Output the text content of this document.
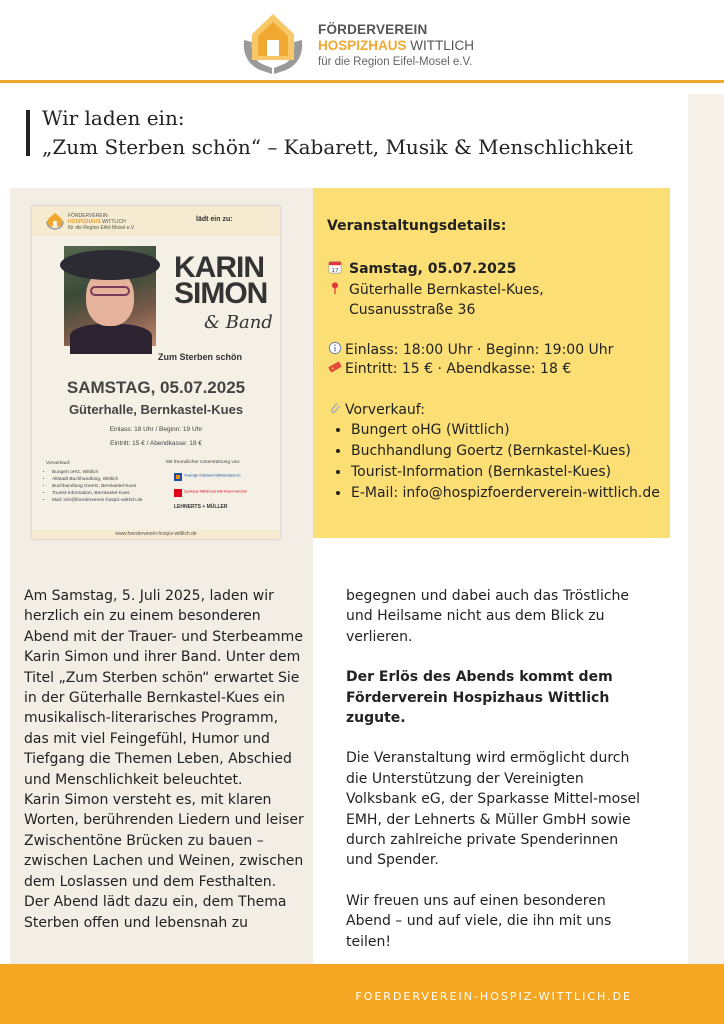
FÖRDERVEREIN
HOSPIZHAUS WITTLICH
für die Region Eifel-Mosel e.V.
Wir laden ein:
„Zum Sterben schön“ – Kabarett, Musik & Menschlichkeit
FÖRDERVEREIN
HOSPIZHAUS WITTLICH
für die Region Eifel-Mosel e.V.
lädt ein zu:
KARIN
SIMON
& Band
Zum Sterben schön
SAMSTAG, 05.07.2025
Güterhalle, Bernkastel-Kues
Einlass: 18 Uhr / Beginn: 19 Uhr
Eintritt: 15 € / Abendkasse: 18 €
Vorverkauf:
• Bungert oHG, Wittlich
• Altstadt Buchhandlung, Wittlich
• Buchhandlung Goertz, Bernkastel-Kues
• Tourist-Information, Bernkastel-Kues
• Mail: info@foerderverein-hospiz-wittlich.de
Mit freundlicher Unterstützung von:
Vereinigte Volksbank Raiffeisenbank eG
Sparkasse Mittelmosel Eifel Mosel Hunsrück
LEHNERTS + MÜLLER
www.foerderverein-hospiz-wittlich.de
Veranstaltungsdetails:
17 Samstag, 05.07.2025
Güterhalle Bernkastel-Kues,
Cusanusstraße 36
Einlass: 18:00 Uhr · Beginn: 19:00 Uhr
Eintritt: 15 € · Abendkasse: 18 €
Vorverkauf:
• Bungert oHG (Wittlich)
• Buchhandlung Goertz (Bernkastel-Kues)
• Tourist-Information (Bernkastel-Kues)
• E-Mail: info@hospizfoerderverein-wittlich.de

Am Samstag, 5. Juli 2025, laden wir herzlich ein zu einem besonderen Abend mit der Trauer- und Sterbeamme Karin Simon und ihrer Band. Unter dem Titel „Zum Sterben schön“ erwartet Sie in der Güterhalle Bernkastel-Kues ein musikalisch-literarisches Programm, das mit viel Feingefühl, Humor und Tiefgang die Themen Leben, Abschied und Menschlichkeit beleuchtet.

Karin Simon versteht es, mit klaren Worten, berührenden Liedern und leiser Zwischentöne Brücken zu bauen – zwischen Lachen und Weinen, zwischen dem Loslassen und dem Festhalten. Der Abend lädt dazu ein, dem Thema Sterben offen und lebensnah zu

begegnen und dabei auch das Tröstliche und Heilsame nicht aus dem Blick zu verlieren.

Der Erlös des Abends kommt dem Förderverein Hospizhaus Wittlich zugute.

Die Veranstaltung wird ermöglicht durch die Unterstützung der Vereinigten Volksbank eG, der Sparkasse Mittel-mosel EMH, der Lehnerts & Müller GmbH sowie durch zahlreiche private Spenderinnen und Spender.

Wir freuen uns auf einen besonderen Abend – und auf viele, die ihn mit uns teilen!

FOERDERVEREIN-HOSPIZ-WITTLICH.DE
